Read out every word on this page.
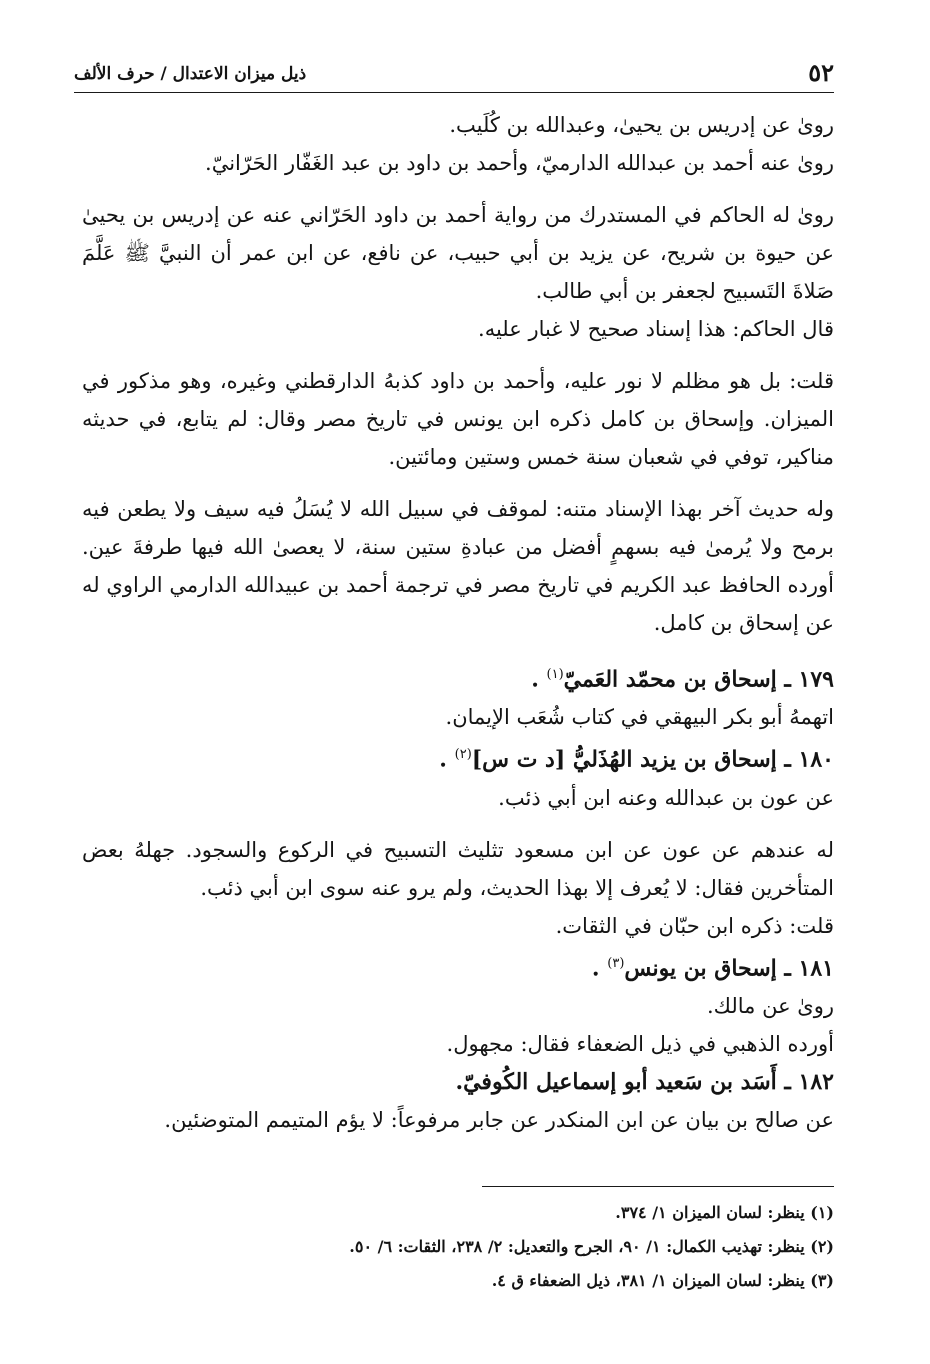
٥٢
ذيل ميزان الاعتدال / حرف الألف

رویٰ عن إدريس بن يحيىٰ، وعبدالله بن كُلَيب.

رویٰ عنه أحمد بن عبدالله الدارميّ، وأحمد بن داود بن عبد الغَفّار الحَرّانيّ.

رویٰ له الحاكم في المستدرك من رواية أحمد بن داود الحَرّاني عنه عن إدريس بن يحيىٰ عن حيوة بن شريح، عن يزيد بن أبي حبيب، عن نافع، عن ابن عمر أن النبيَّ ﷺ عَلَّمَ صَلاةَ التَسبيح لجعفر بن أبي طالب.

قال الحاكم: هذا إسناد صحيح لا غبار عليه.

قلت: بل هو مظلم لا نور عليه، وأحمد بن داود كذبهُ الدارقطني وغيره، وهو مذكور في الميزان. وإسحاق بن كامل ذكره ابن يونس في تاريخ مصر وقال: لم يتابع، في حديثه مناكير، توفي في شعبان سنة خمس وستين ومائتين.

وله حديث آخر بهذا الإسناد متنه: لموقف في سبيل الله لا يُسَلُ فيه سيف ولا يطعن فيه برمح ولا يُرمىٰ فيه بسهمٍ أفضل من عبادةِ ستين سنة، لا يعصىٰ الله فيها طرفةَ عين. أورده الحافظ عبد الكريم في تاريخ مصر في ترجمة أحمد بن عبيدالله الدارمي الراوي له عن إسحاق بن كامل.

١٧٩ ـ إسحاق بن محمّد العَميّ$^{(١)}$ .

اتهمهُ أبو بكر البيهقي في كتاب شُعَب الإيمان.

١٨٠ ـ إسحاق بن يزيد الهُذَليُّ [د ت س]$^{(٢)}$ .

عن عون بن عبدالله وعنه ابن أبي ذئب.

له عندهم عن عون عن ابن مسعود تثليث التسبيح في الركوع والسجود. جهلهُ بعض المتأخرين فقال: لا يُعرف إلا بهذا الحديث، ولم يرو عنه سوى ابن أبي ذئب.

قلت: ذكره ابن حبّان في الثقات.

١٨١ ـ إسحاق بن يونس$^{(٣)}$ .

رویٰ عن مالك.

أورده الذهبي في ذيل الضعفاء فقال: مجهول.

١٨٢ ـ أَسَد بن سَعيد أبو إسماعيل الكُوفيّ.

عن صالح بن بيان عن ابن المنكدر عن جابر مرفوعاً: لا يؤم المتيمم المتوضئين.

(١) ينظر: لسان الميزان ١/ ٣٧٤.

(٢) ينظر: تهذيب الكمال: ١/ ٩٠، الجرح والتعديل: ٢/ ٢٣٨، الثقات: ٦/ ٥٠.

(٣) ينظر: لسان الميزان ١/ ٣٨١، ذيل الضعفاء ق ٤.
